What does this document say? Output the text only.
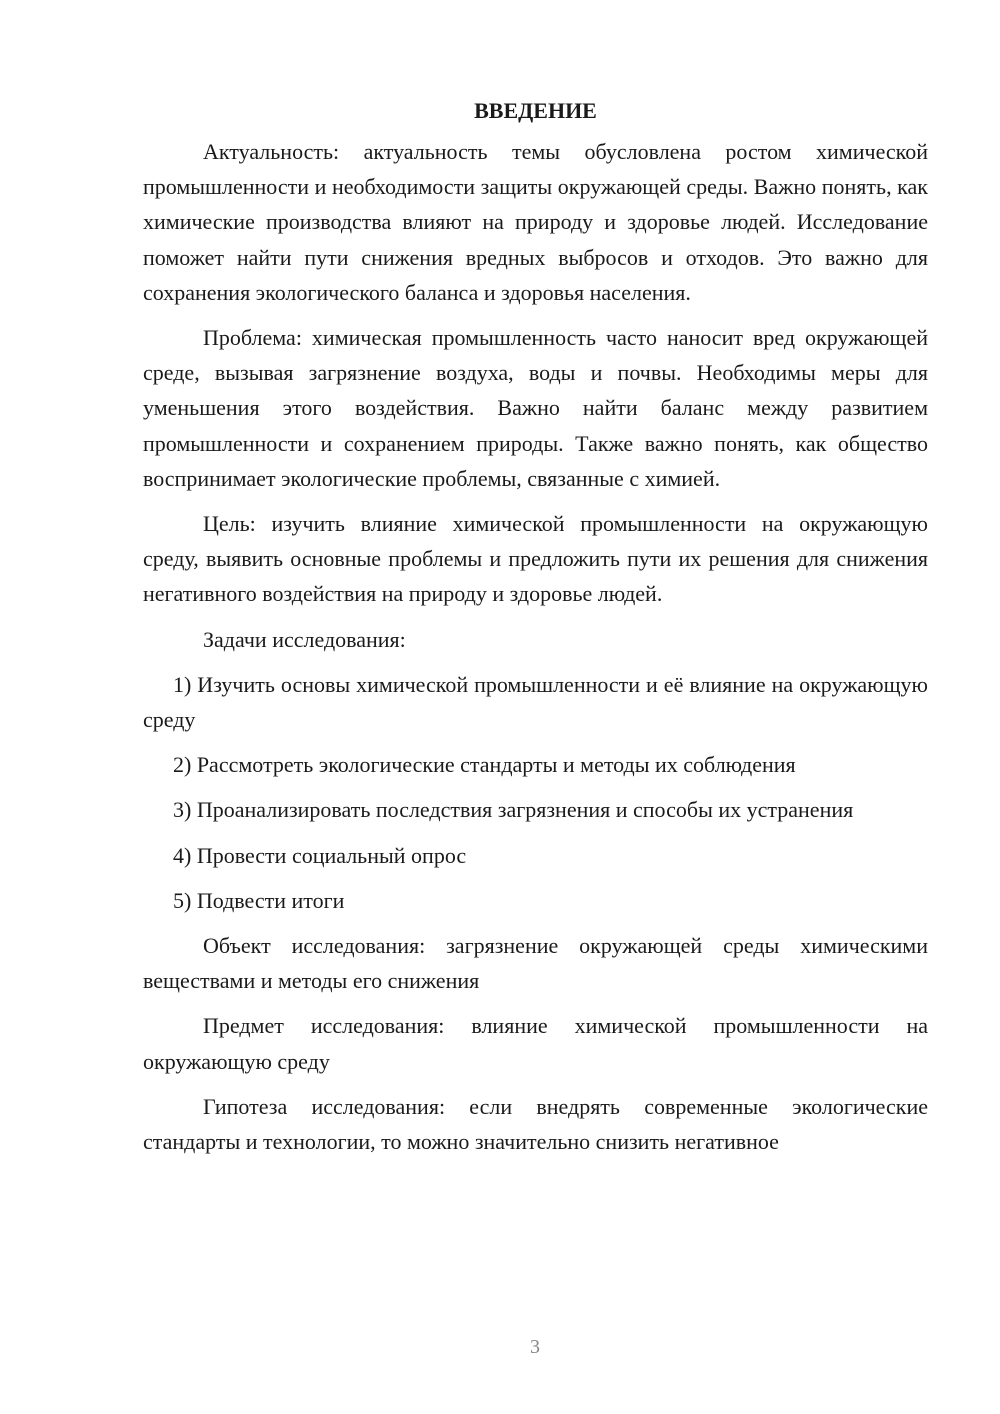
ВВЕДЕНИЕ

Актуальность: актуальность темы обусловлена ростом химической промышленности и необходимости защиты окружающей среды. Важно понять, как химические производства влияют на природу и здоровье людей. Исследование поможет найти пути снижения вредных выбросов и отходов. Это важно для сохранения экологического баланса и здоровья населения.

Проблема: химическая промышленность часто наносит вред окружающей среде, вызывая загрязнение воздуха, воды и почвы. Необходимы меры для уменьшения этого воздействия. Важно найти баланс между развитием промышленности и сохранением природы. Также важно понять, как общество воспринимает экологические проблемы, связанные с химией.

Цель: изучить влияние химической промышленности на окружающую среду, выявить основные проблемы и предложить пути их решения для снижения негативного воздействия на природу и здоровье людей.

Задачи исследования:

1) Изучить основы химической промышленности и её влияние на окружающую среду

2) Рассмотреть экологические стандарты и методы их соблюдения

3) Проанализировать последствия загрязнения и способы их устранения

4) Провести социальный опрос

5) Подвести итоги

Объект исследования: загрязнение окружающей среды химическими веществами и методы его снижения

Предмет исследования: влияние химической промышленности на окружающую среду

Гипотеза исследования: если внедрять современные экологические стандарты и технологии, то можно значительно снизить негативное

3
